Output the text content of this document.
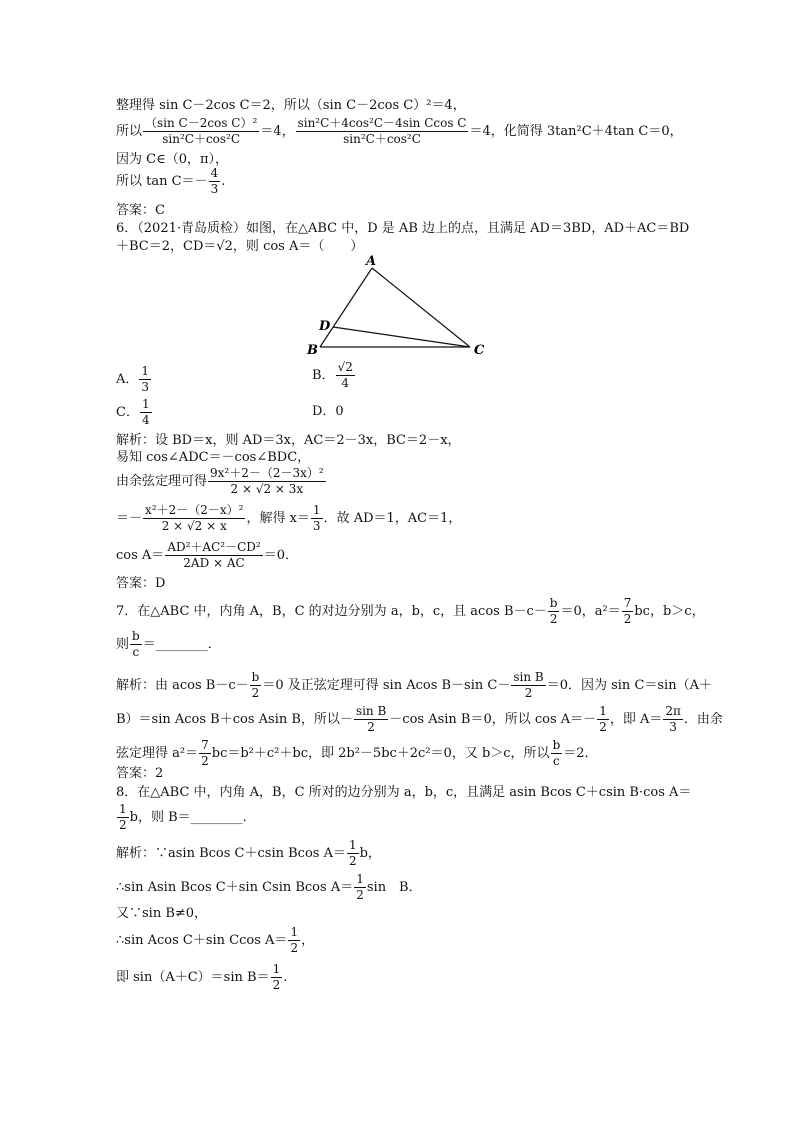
整理得 sin C－2cos C＝2，所以（sin C－2cos C）²＝4，
所以 $\frac{\text{（sin C－2cos C）²}}{\text{sin²C＋cos²C}} =4$， $\frac{\text{sin²C＋4cos²C－4sin Ccos C}}{\text{sin²C＋cos²C}} =4$，化简得 3tan²C＋4tan C＝0，
因为 C∈（0，π），
所以 $\tan C=- \frac{4}{3}$ .
答案：C
6．（2021·青岛质检）如图，在△ABC 中，D 是 AB 边上的点，且满足 AD＝3BD，AD＋AC＝BD
＋BC＝2，CD＝√2，则 cos A＝（　　）
A
B	C
D
A． $\frac{1}{3}$	B． $\frac{√2}{4}$
C． $\frac{1}{4}$	D．0
解析：设 BD＝x，则 AD＝3x，AC＝2－3x，BC＝2－x，
易知 cos∠ADC＝－cos∠BDC，
由余弦定理可得 $\frac{\text{9x²＋2－（2－3x）²}}{2 \times √2 \times 3x}$
＝－ $\frac{\text{x²＋2－（2－x）²}}{2 \times √2 \times x}$ ，解得 $x= \frac{1}{3}$ ．故 AD＝1，AC＝1，
$\cos A= \frac{\text{AD²＋AC²－CD²}}{2AD \times AC} =0$．
答案：D
7．在△ABC 中，内角 A，B，C 的对边分别为 a，b，c，且 acos $B-c- \frac{b}{2} =0$，$a^2= \frac{7}{2}$ bc，b＞c，
则 $\frac{b}{c}$ ＝________．
解析：由 acos $B-c- \frac{b}{2} =0$ 及正弦定理可得 sin Acos B－sin $C- \frac{\text{sin B}}{2} =0$．因为 sin C＝sin（A＋
B）＝sin Acos B＋cos Asin B，所以－ $\frac{\text{sin B}}{2} -\cos$ Asin B＝0，所以 $\cos A=- \frac{1}{2}$ ，即 $A= \frac{2\pi}{3}$ ．由余
弦定理得 $a^2= \frac{7}{2} bc=b^2+c^2+bc$，即 2b²－5bc＋2c²＝0，又 b＞c，所以 $\frac{b}{c} =2$．
答案：2
8．在△ABC 中，内角 A，B，C 所对的边分别为 a，b，c，且满足 asin Bcos C＋csin B·cos A＝
$\frac{1}{2}$ b，则 B＝________．
解析：∵asin Bcos C＋csin Bcos $A= \frac{1}{2}$ b，
∴sin Asin Bcos C＋sin Csin Bcos $A= \frac{1}{2}$ sin　B．
又∵sin B≠0，
∴sin Acos C＋sin Ccos $A= \frac{1}{2}$ ，
即 sin（A＋C）＝sin $B= \frac{1}{2}$ .
